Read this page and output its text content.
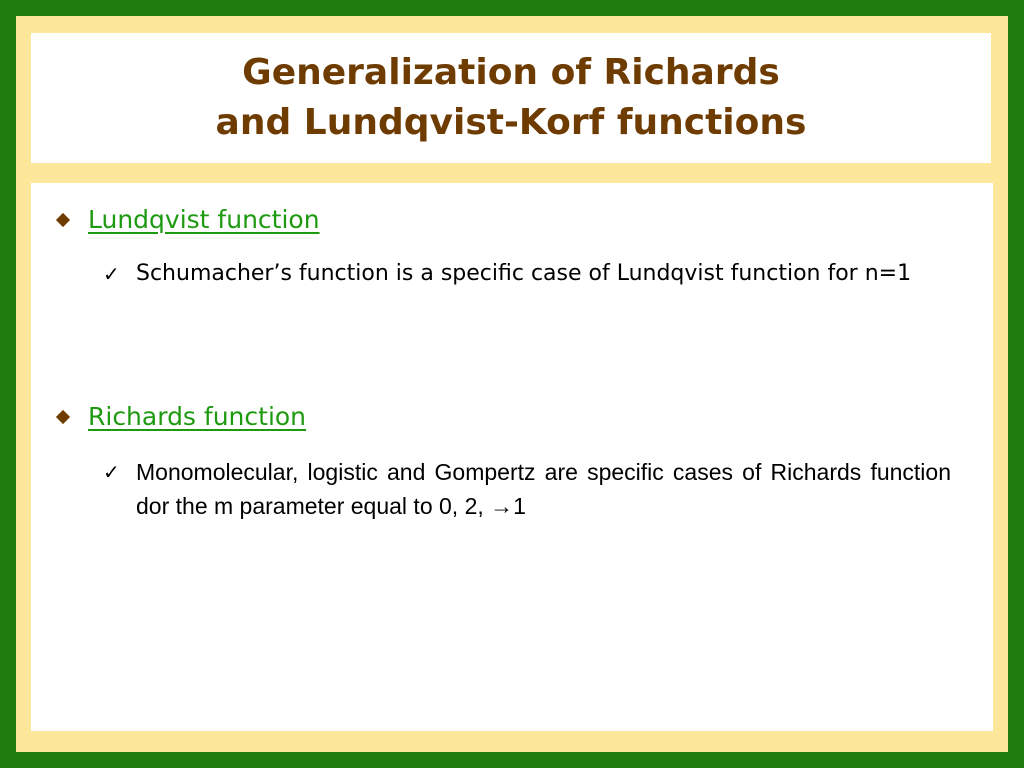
Generalization of Richards
and Lundqvist-Korf functions
Lundqvist function
✓ Schumacher’s function is a specific case of Lundqvist function for n=1
Richards function
✓ Monomolecular, logistic and Gompertz are specific cases of Richards function dor the m parameter equal to 0, 2, →1
